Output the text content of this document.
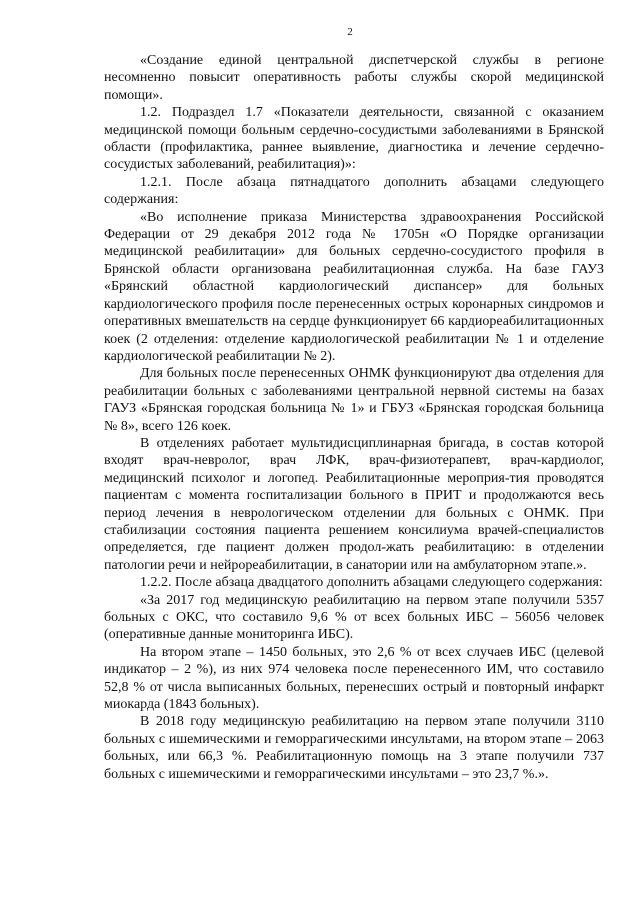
2

«Создание единой центральной диспетчерской службы в регионе несомненно повысит оперативность работы службы скорой медицинской помощи».

1.2. Подраздел 1.7 «Показатели деятельности, связанной с оказанием медицинской помощи больным сердечно-сосудистыми заболеваниями в Брянской области (профилактика, раннее выявление, диагностика и лечение сердечно-сосудистых заболеваний, реабилитация)»:

1.2.1. После абзаца пятнадцатого дополнить абзацами следующего содержания:

«Во исполнение приказа Министерства здравоохранения Российской Федерации от 29 декабря 2012 года № 1705н «О Порядке организации медицинской реабилитации» для больных сердечно-сосудистого профиля в Брянской области организована реабилитационная служба. На базе ГАУЗ «Брянский областной кардиологический диспансер» для больных кардиологического профиля после перенесенных острых коронарных синдромов и оперативных вмешательств на сердце функционирует 66 кардиореабилитационных коек (2 отделения: отделение кардиологической реабилитации № 1 и отделение кардиологической реабилитации № 2).

Для больных после перенесенных ОНМК функционируют два отделения для реабилитации больных с заболеваниями центральной нервной системы на базах ГАУЗ «Брянская городская больница № 1» и ГБУЗ «Брянская городская больница № 8», всего 126 коек.

В отделениях работает мультидисциплинарная бригада, в состав которой входят врач-невролог, врач ЛФК, врач-физиотерапевт, врач-кардиолог, медицинский психолог и логопед. Реабилитационные мероприя-тия проводятся пациентам с момента госпитализации больного в ПРИТ и продолжаются весь период лечения в неврологическом отделении для больных с ОНМК. При стабилизации состояния пациента решением консилиума врачей-специалистов определяется, где пациент должен продол-жать реабилитацию: в отделении патологии речи и нейрореабилитации, в санатории или на амбулаторном этапе.».

1.2.2. После абзаца двадцатого дополнить абзацами следующего содержания:

«За 2017 год медицинскую реабилитацию на первом этапе получили 5357 больных с ОКС, что составило 9,6 % от всех больных ИБС – 56056 человек (оперативные данные мониторинга ИБС).

На втором этапе – 1450 больных, это 2,6 % от всех случаев ИБС (целевой индикатор – 2 %), из них 974 человека после перенесенного ИМ, что составило 52,8 % от числа выписанных больных, перенесших острый и повторный инфаркт миокарда (1843 больных).

В 2018 году медицинскую реабилитацию на первом этапе получили 3110 больных с ишемическими и геморрагическими инсультами, на втором этапе – 2063 больных, или 66,3 %. Реабилитационную помощь на 3 этапе получили 737 больных с ишемическими и геморрагическими инсультами – это 23,7 %.».
